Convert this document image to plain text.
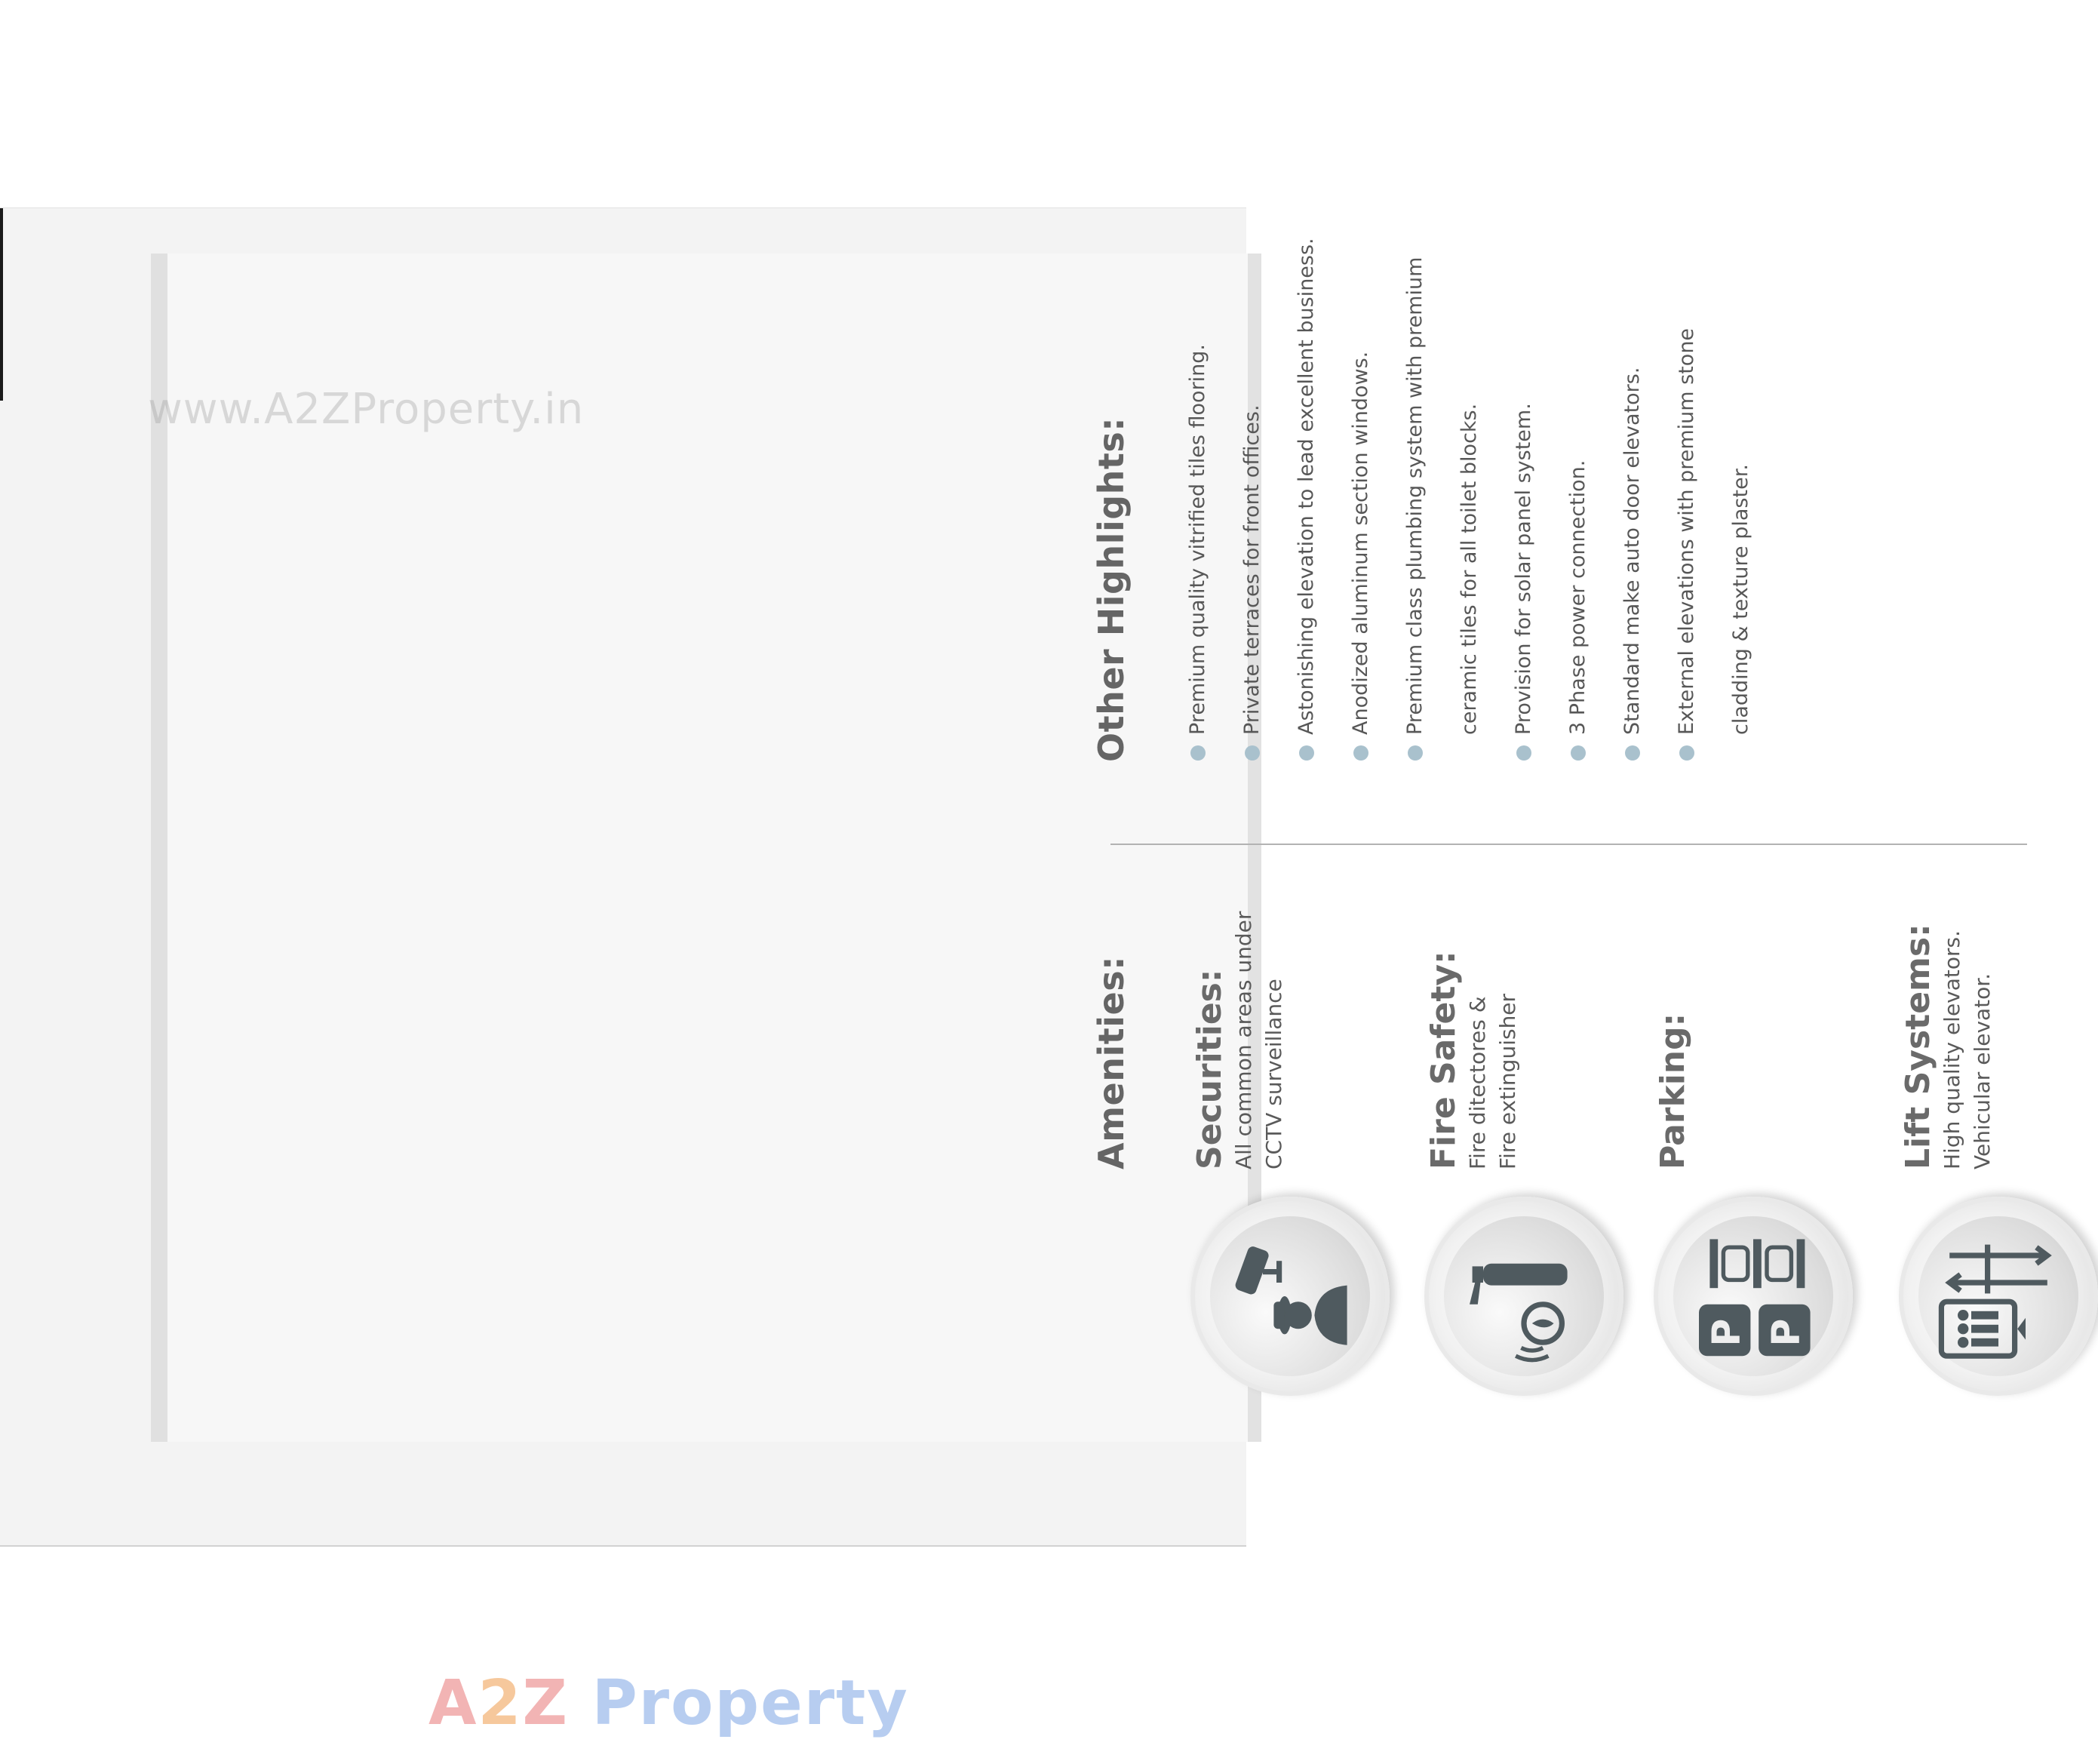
Amenities:
Other Highlights:
Securities: All common areas under CCTV surveillance	Fire Safety: Fire ditectores & Fire extinguisher

P P
Parking:	Lift Systems: High quality elevators. Vehicular elevator.

Premium quality vitrified tiles flooring.	Private terraces for front offices.	Astonishing elevation to lead excellent business.	Anodized aluminum section windows.	Premium class plumbing system with premium	ceramic tiles for all toilet blocks.	Provision for solar panel system.	3 Phase power connection.	Standard make auto door elevators.	External elevations with premium stone	cladding & texture plaster.
www.A2ZProperty.in
A2Z Property
